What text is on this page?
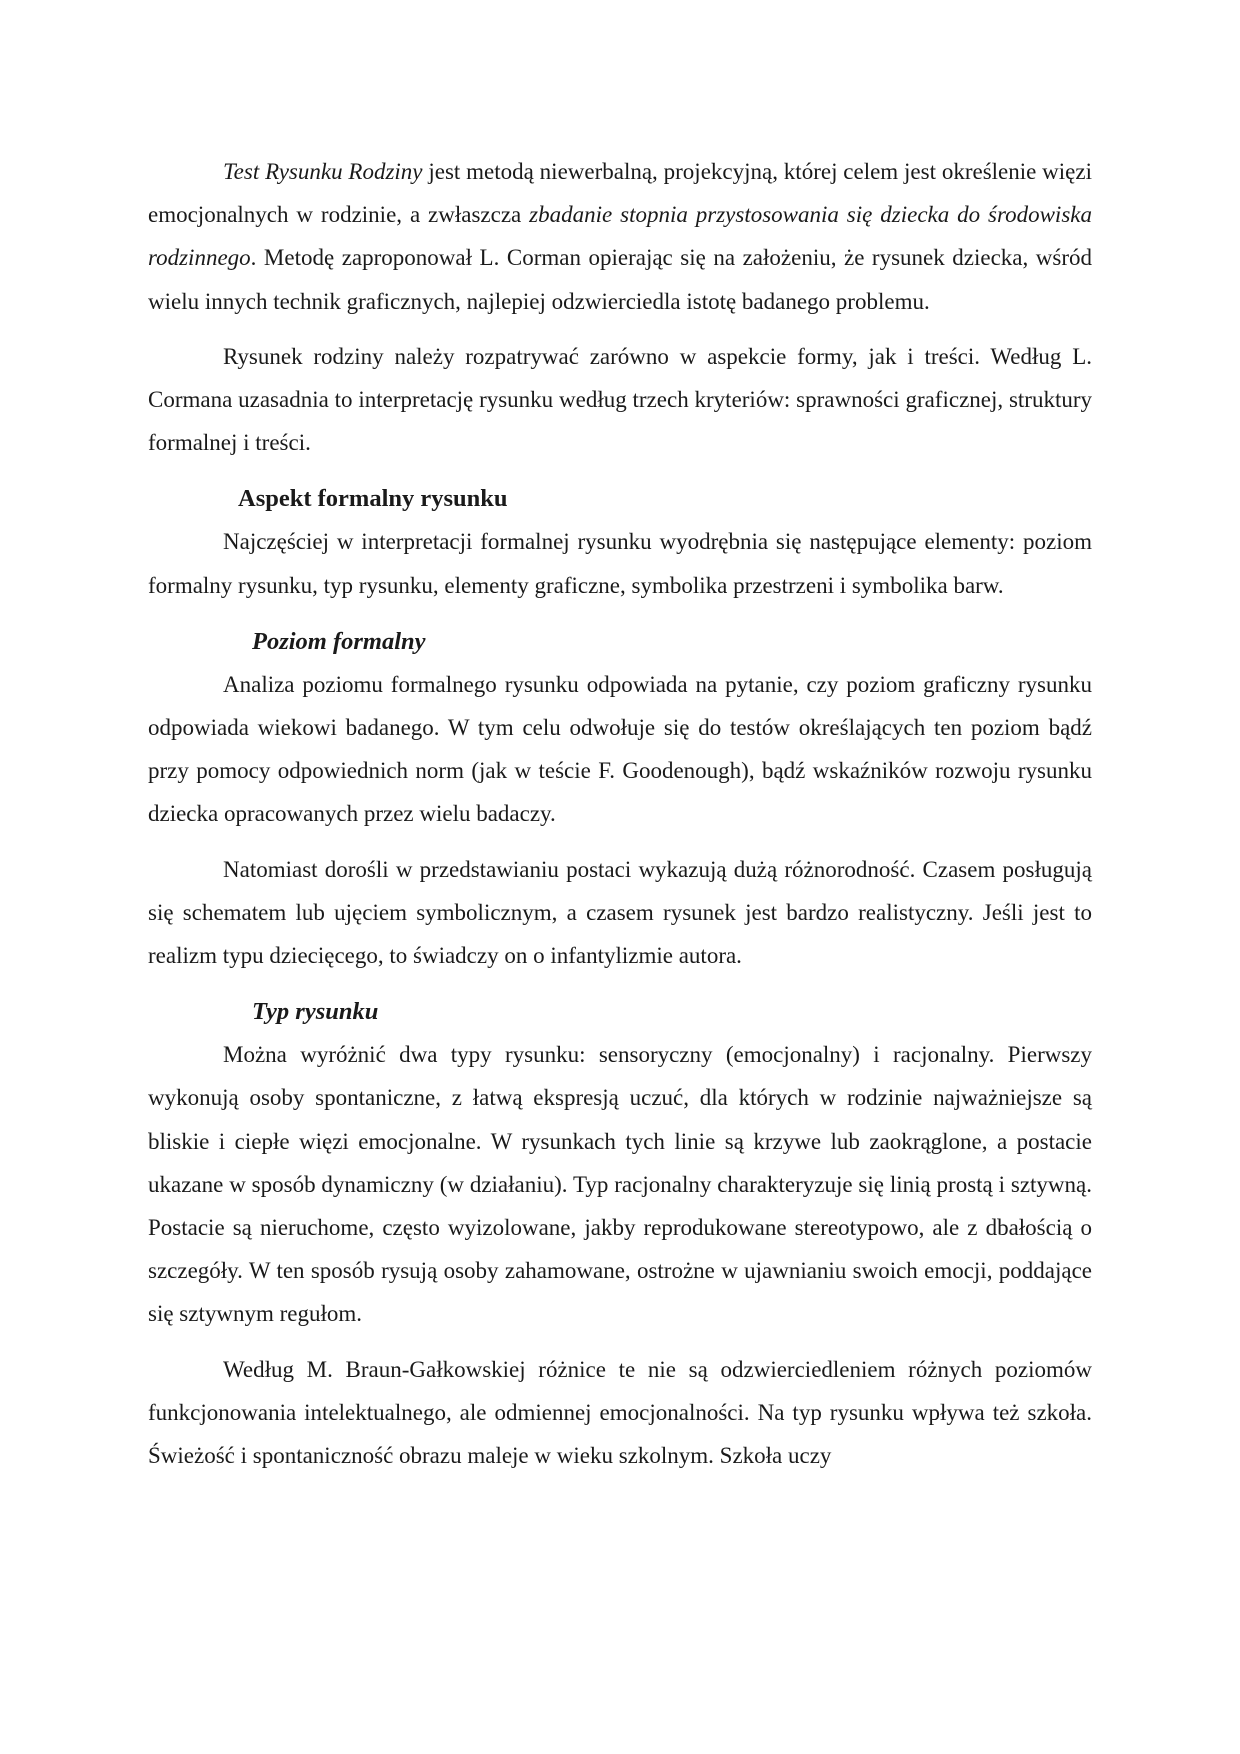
Test Rysunku Rodziny jest metodą niewerbalną, projekcyjną, której celem jest określenie więzi emocjonalnych w rodzinie, a zwłaszcza zbadanie stopnia przystosowania się dziecka do środowiska rodzinnego. Metodę zaproponował L. Corman opierając się na założeniu, że rysunek dziecka, wśród wielu innych technik graficznych, najlepiej odzwierciedla istotę badanego problemu.

Rysunek rodziny należy rozpatrywać zarówno w aspekcie formy, jak i treści. Według L. Cormana uzasadnia to interpretację rysunku według trzech kryteriów: sprawności graficznej, struktury formalnej i treści.

Aspekt formalny rysunku

Najczęściej w interpretacji formalnej rysunku wyodrębnia się następujące elementy: poziom formalny rysunku, typ rysunku, elementy graficzne, symbolika przestrzeni i symbolika barw.

Poziom formalny

Analiza poziomu formalnego rysunku odpowiada na pytanie, czy poziom graficzny rysunku odpowiada wiekowi badanego. W tym celu odwołuje się do testów określających ten poziom bądź przy pomocy odpowiednich norm (jak w teście F. Goodenough), bądź wskaźników rozwoju rysunku dziecka opracowanych przez wielu badaczy.

Natomiast dorośli w przedstawianiu postaci wykazują dużą różnorodność. Czasem posługują się schematem lub ujęciem symbolicznym, a czasem rysunek jest bardzo realistyczny. Jeśli jest to realizm typu dziecięcego, to świadczy on o infantylizmie autora.

Typ rysunku

Można wyróżnić dwa typy rysunku: sensoryczny (emocjonalny) i racjonalny. Pierwszy wykonują osoby spontaniczne, z łatwą ekspresją uczuć, dla których w rodzinie najważniejsze są bliskie i ciepłe więzi emocjonalne. W rysunkach tych linie są krzywe lub zaokrąglone, a postacie ukazane w sposób dynamiczny (w działaniu). Typ racjonalny charakteryzuje się linią prostą i sztywną. Postacie są nieruchome, często wyizolowane, jakby reprodukowane stereotypowo, ale z dbałością o szczegóły. W ten sposób rysują osoby zahamowane, ostrożne w ujawnianiu swoich emocji, poddające się sztywnym regułom.

Według M. Braun-Gałkowskiej różnice te nie są odzwierciedleniem różnych poziomów funkcjonowania intelektualnego, ale odmiennej emocjonalności. Na typ rysunku wpływa też szkoła. Świeżość i spontaniczność obrazu maleje w wieku szkolnym. Szkoła uczy
